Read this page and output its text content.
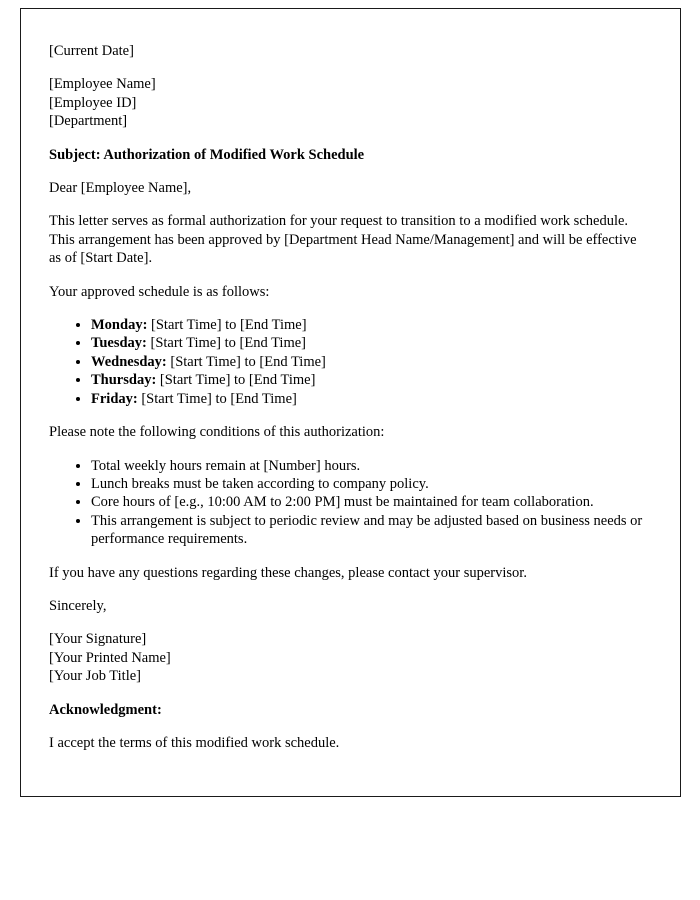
[Current Date]

[Employee Name]
[Employee ID]
[Department]

Subject: Authorization of Modified Work Schedule

Dear [Employee Name],

This letter serves as formal authorization for your request to transition to a modified work schedule. This arrangement has been approved by [Department Head Name/Management] and will be effective as of [Start Date].

Your approved schedule is as follows:

• Monday: [Start Time] to [End Time]
• Tuesday: [Start Time] to [End Time]
• Wednesday: [Start Time] to [End Time]
• Thursday: [Start Time] to [End Time]
• Friday: [Start Time] to [End Time]

Please note the following conditions of this authorization:

• Total weekly hours remain at [Number] hours.
• Lunch breaks must be taken according to company policy.
• Core hours of [e.g., 10:00 AM to 2:00 PM] must be maintained for team collaboration.
• This arrangement is subject to periodic review and may be adjusted based on business needs or performance requirements.

If you have any questions regarding these changes, please contact your supervisor.

Sincerely,

[Your Signature]
[Your Printed Name]
[Your Job Title]

Acknowledgment:

I accept the terms of this modified work schedule.
